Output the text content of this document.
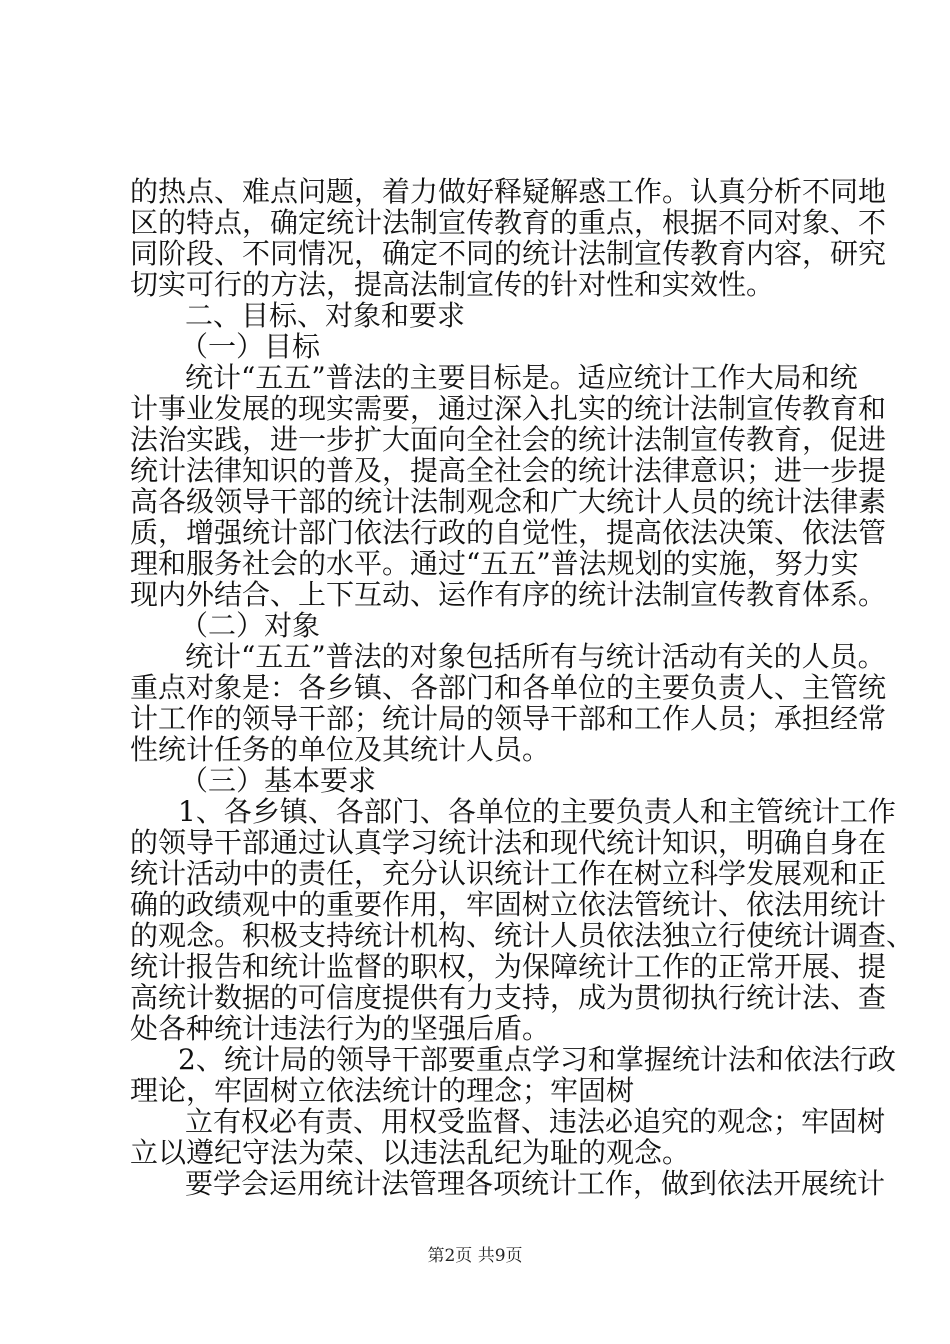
的热点、难点问题，着力做好释疑解惑工作。认真分析不同地
区的特点，确定统计法制宣传教育的重点，根据不同对象、不
同阶段、不同情况，确定不同的统计法制宣传教育内容，研究
切实可行的方法，提高法制宣传的针对性和实效性。
二、目标、对象和要求
（一）目标
统计“五五”普法的主要目标是。适应统计工作大局和统
计事业发展的现实需要，通过深入扎实的统计法制宣传教育和
法治实践，进一步扩大面向全社会的统计法制宣传教育，促进
统计法律知识的普及，提高全社会的统计法律意识；进一步提
高各级领导干部的统计法制观念和广大统计人员的统计法律素
质，增强统计部门依法行政的自觉性，提高依法决策、依法管
理和服务社会的水平。通过“五五”普法规划的实施，努力实
现内外结合、上下互动、运作有序的统计法制宣传教育体系。
（二）对象
统计“五五”普法的对象包括所有与统计活动有关的人员。
重点对象是：各乡镇、各部门和各单位的主要负责人、主管统
计工作的领导干部；统计局的领导干部和工作人员；承担经常
性统计任务的单位及其统计人员。
（三）基本要求
1、各乡镇、各部门、各单位的主要负责人和主管统计工作
的领导干部通过认真学习统计法和现代统计知识，明确自身在
统计活动中的责任，充分认识统计工作在树立科学发展观和正
确的政绩观中的重要作用，牢固树立依法管统计、依法用统计
的观念。积极支持统计机构、统计人员依法独立行使统计调查、
统计报告和统计监督的职权，为保障统计工作的正常开展、提
高统计数据的可信度提供有力支持，成为贯彻执行统计法、查
处各种统计违法行为的坚强后盾。
2、统计局的领导干部要重点学习和掌握统计法和依法行政
理论，牢固树立依法统计的理念；牢固树
立有权必有责、用权受监督、违法必追究的观念；牢固树
立以遵纪守法为荣、以违法乱纪为耻的观念。
要学会运用统计法管理各项统计工作，做到依法开展统计
第2页 共9页
